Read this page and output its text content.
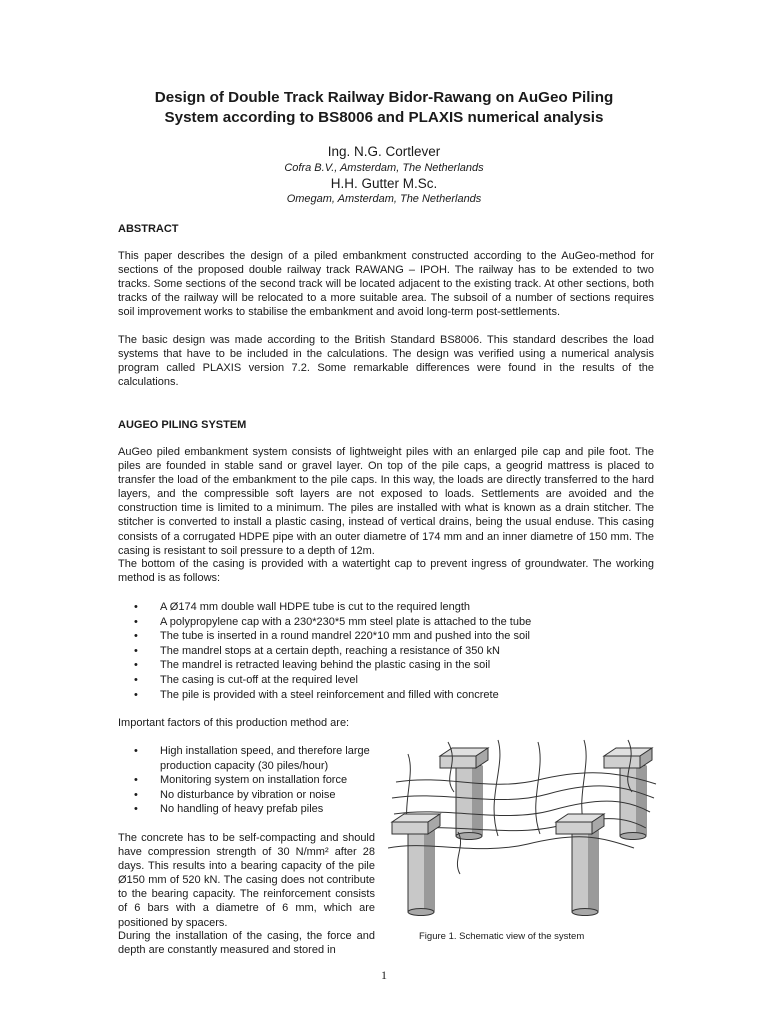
Design of Double Track Railway Bidor-Rawang on AuGeo Piling
System according to BS8006 and PLAXIS numerical analysis
Ing. N.G. Cortlever
Cofra B.V., Amsterdam, The Netherlands
H.H. Gutter M.Sc.
Omegam, Amsterdam, The Netherlands
ABSTRACT

This paper describes the design of a piled embankment constructed according to the AuGeo-method for sections of the proposed double railway track RAWANG – IPOH. The railway has to be extended to two tracks. Some sections of the second track will be located adjacent to the existing track. At other sections, both tracks of the railway will be relocated to a more suitable area. The subsoil of a number of sections requires soil improvement works to stabilise the embankment and avoid long-term post-settlements.

The basic design was made according to the British Standard BS8006. This standard describes the load systems that have to be included in the calculations. The design was verified using a numerical analysis program called PLAXIS version 7.2. Some remarkable differences were found in the results of the calculations.

AUGEO PILING SYSTEM

AuGeo piled embankment system consists of lightweight piles with an enlarged pile cap and pile foot. The piles are founded in stable sand or gravel layer. On top of the pile caps, a geogrid mattress is placed to transfer the load of the embankment to the pile caps. In this way, the loads are directly transferred to the hard layers, and the compressible soft layers are not exposed to loads. Settlements are avoided and the construction time is limited to a minimum. The piles are installed with what is known as a drain stitcher. The stitcher is converted to install a plastic casing, instead of vertical drains, being the usual enduse. This casing consists of a corrugated HDPE pipe with an outer diametre of 174 mm and an inner diametre of 150 mm. The casing is resistant to soil pressure to a depth of 12m.

The bottom of the casing is provided with a watertight cap to prevent ingress of groundwater. The working method is as follows:

• A Ø174 mm double wall HDPE tube is cut to the required length
• A polypropylene cap with a 230*230*5 mm steel plate is attached to the tube
• The tube is inserted in a round mandrel 220*10 mm and pushed into the soil
• The mandrel stops at a certain depth, reaching a resistance of 350 kN
• The mandrel is retracted leaving behind the plastic casing in the soil
• The casing is cut-off at the required level
• The pile is provided with a steel reinforcement and filled with concrete

Important factors of this production method are:

• High installation speed, and therefore large production capacity (30 piles/hour)
• Monitoring system on installation force
• No disturbance by vibration or noise
• No handling of heavy prefab piles

The concrete has to be self-compacting and should have compression strength of 30 N/mm² after 28 days. This results into a bearing capacity of the pile Ø150 mm of 520 kN. The casing does not contribute to the bearing capacity. The reinforcement consists of 6 bars with a diametre of 6 mm, which are positioned by spacers.

During the installation of the casing, the force and depth are constantly measured and stored in

Figure 1. Schematic view of the system
1
